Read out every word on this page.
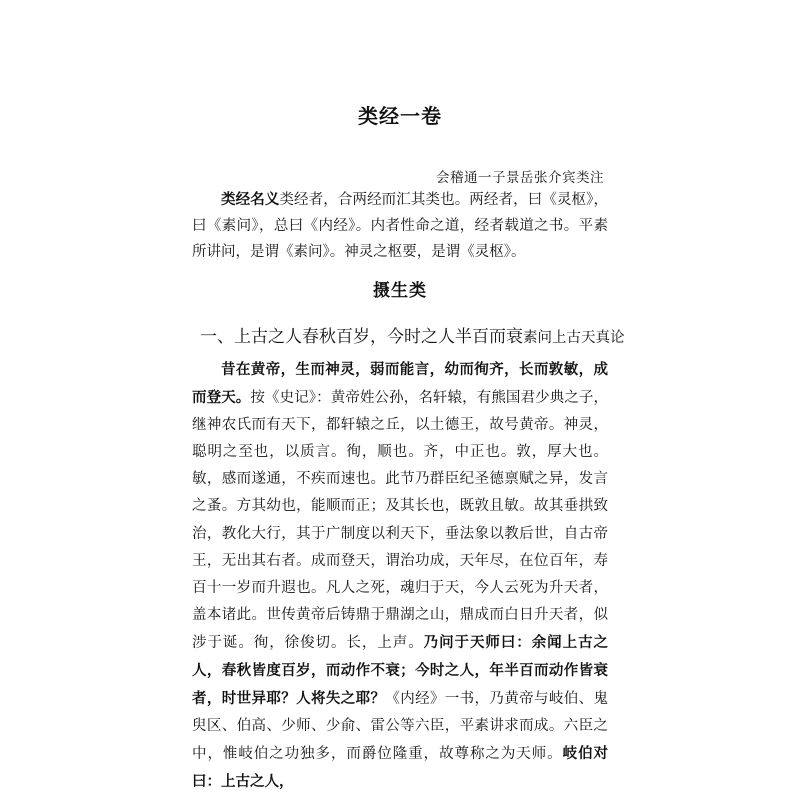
类经一卷
会稽通一子景岳张介宾类注
类经名义类经者，合两经而汇其类也。两经者，曰《灵枢》，曰《素问》，总曰《内经》。内者性命之道，经者载道之书。平素所讲问，是谓《素问》。神灵之枢要，是谓《灵枢》。
摄生类
一、上古之人春秋百岁，今时之人半百而衰素问上古天真论
昔在黄帝，生而神灵，弱而能言，幼而徇齐，长而敦敏，成而登天。按《史记》：黄帝姓公孙，名轩辕，有熊国君少典之子，继神农氏而有天下，都轩辕之丘，以土德王，故号黄帝。神灵，聪明之至也，以质言。徇，顺也。齐，中正也。敦，厚大也。敏，感而遂通，不疾而速也。此节乃群臣纪圣德禀赋之异，发言之蚤。方其幼也，能顺而正；及其长也，既敦且敏。故其垂拱致治，教化大行，其于广制度以利天下，垂法象以教后世，自古帝王，无出其右者。成而登天，谓治功成，天年尽，在位百年，寿百十一岁而升遐也。凡人之死，魂归于天，今人云死为升天者，盖本诸此。世传黄帝后铸鼎于鼎湖之山，鼎成而白日升天者，似涉于诞。徇，徐俊切。长，上声。乃问于天师曰：余闻上古之人，春秋皆度百岁，而动作不衰；今时之人，年半百而动作皆衰者，时世异耶？人将失之耶？《内经》一书，乃黄帝与岐伯、鬼臾区、伯高、少师、少俞、雷公等六臣，平素讲求而成。六臣之中，惟岐伯之功独多，而爵位隆重，故尊称之为天师。岐伯对曰：上古之人，
